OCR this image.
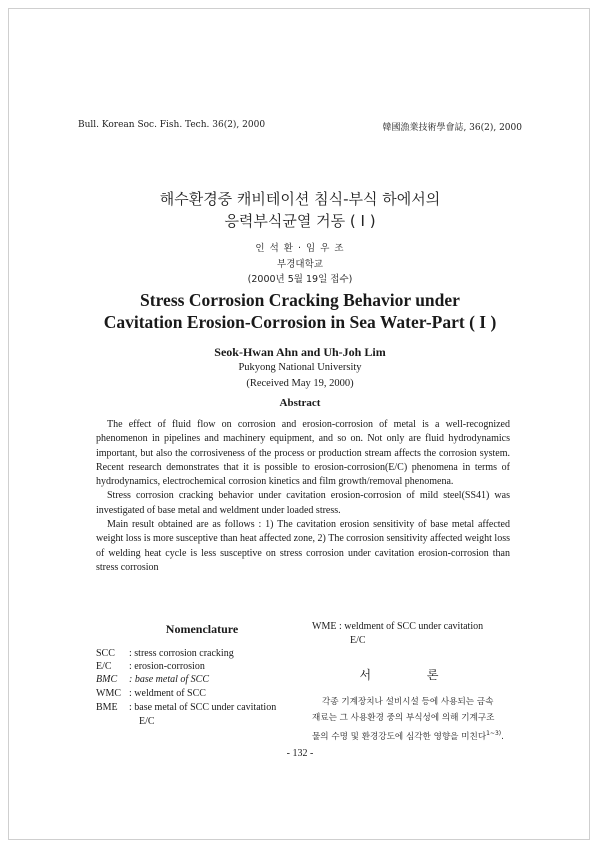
Bull. Korean Soc. Fish. Tech. 36(2), 2000	韓國漁業技術學會誌, 36(2), 2000
해수환경중 캐비테이션 침식-부식 하에서의
응력부식균열 거동 ( I )
인 석 환 · 임 우 조
부경대학교
(2000년 5월 19일 접수)
Stress Corrosion Cracking Behavior under
Cavitation Erosion-Corrosion in Sea Water-Part ( I )
Seok-Hwan Ahn and Uh-Joh Lim
Pukyong National University
(Received May 19, 2000)
Abstract

The effect of fluid flow on corrosion and erosion-corrosion of metal is a well-recognized phenomenon in pipelines and machinery equipment, and so on. Not only are fluid hydrodynamics important, but also the corrosiveness of the process or production stream affects the corrosion system. Recent research demonstrates that it is possible to erosion-corrosion(E/C) phenomena in terms of hydrodynamics, electrochemical corrosion kinetics and film growth/removal phenomena.

Stress corrosion cracking behavior under cavitation erosion-corrosion of mild steel(SS41) was investigated of base metal and weldment under loaded stress.

Main result obtained are as follows : 1) The cavitation erosion sensitivity of base metal affected weight loss is more susceptive than heat affected zone, 2) The corrosion sensitivity affected weight loss of welding heat cycle is less susceptive on stress corrosion under cavitation erosion-corrosion than stress corrosion

Nomenclature
SCC : stress corrosion cracking
E/C : erosion-corrosion
BMC : base metal of SCC
WMC : weldment of SCC
BME : base metal of SCC under cavitation
E/C
WME : weldment of SCC under cavitation
E/C
서 론

각종 기계장치나 설비시설 등에 사용되는 금속

재료는 그 사용환경 중의 부식성에 의해 기계구조
물의 수명 및 환경강도에 심각한 영향을 미친다$^{1\sim 3)}$.
- 132 -
